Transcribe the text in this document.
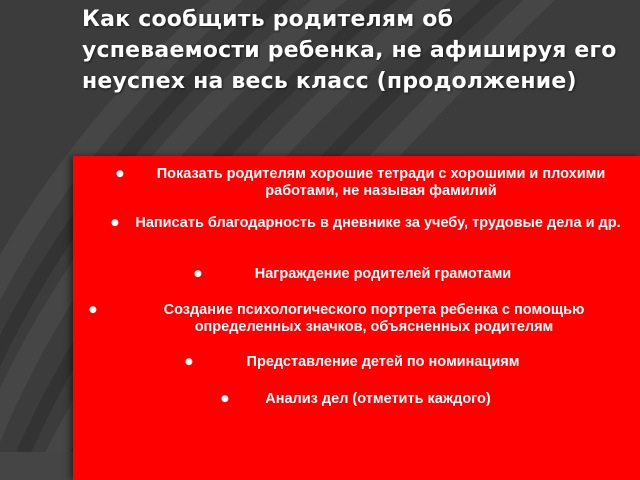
Как сообщить родителям об успеваемости ребенка, не афишируя его неуспех на весь класс (продолжение)
Показать родителям хорошие тетради с хорошими и плохими работами, не называя фамилий
●
Написать благодарность в дневнике за учебу, трудовые дела и др.
●
Награждение родителей грамотами
●
Создание психологического портрета ребенка с помощью определенных значков, объясненных родителям
●
Представление детей по номинациям
●
Анализ дел (отметить каждого)
●
